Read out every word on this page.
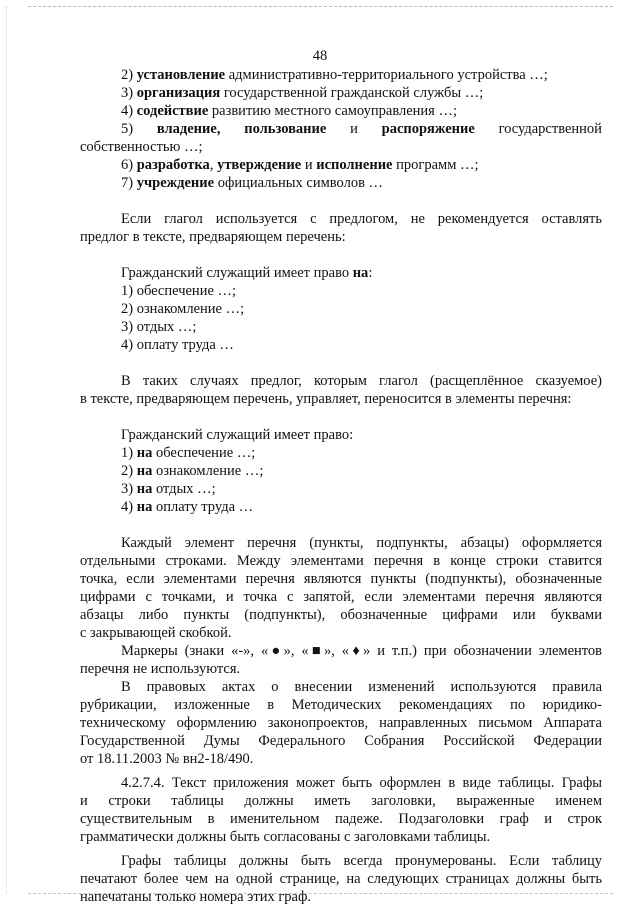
48

2) установление административно-территориального устройства …;

3) организация государственной гражданской службы …;

4) содействие развитию местного самоуправления …;

5) владение, пользование и распоряжение государственной

собственностью …;

6) разработка, утверждение и исполнение программ …;

7) учреждение официальных символов …

Если глагол используется с предлогом, не рекомендуется оставлять

предлог в тексте, предваряющем перечень:

Гражданский служащий имеет право на:

1) обеспечение …;

2) ознакомление …;

3) отдых …;

4) оплату труда …

В таких случаях предлог, которым глагол (расщеплённое сказуемое)

в тексте, предваряющем перечень, управляет, переносится в элементы перечня:

Гражданский служащий имеет право:

1) на обеспечение …;

2) на ознакомление …;

3) на отдых …;

4) на оплату труда …

Каждый элемент перечня (пункты, подпункты, абзацы) оформляется

отдельными строками. Между элементами перечня в конце строки ставится

точка, если элементами перечня являются пункты (подпункты), обозначенные

цифрами с точками, и точка с запятой, если элементами перечня являются

абзацы либо пункты (подпункты), обозначенные цифрами или буквами

с закрывающей скобкой.

Маркеры (знаки «-», «●», «■», «♦» и т.п.) при обозначении элементов

перечня не используются.

В правовых актах о внесении изменений используются правила

рубрикации, изложенные в Методических рекомендациях по юридико-

техническому оформлению законопроектов, направленных письмом Аппарата

Государственной Думы Федерального Собрания Российской Федерации

от 18.11.2003 № вн2-18/490.

4.2.7.4. Текст приложения может быть оформлен в виде таблицы. Графы

и строки таблицы должны иметь заголовки, выраженные именем

существительным в именительном падеже. Подзаголовки граф и строк

грамматически должны быть согласованы с заголовками таблицы.

Графы таблицы должны быть всегда пронумерованы. Если таблицу

печатают более чем на одной странице, на следующих страницах должны быть

напечатаны только номера этих граф.
